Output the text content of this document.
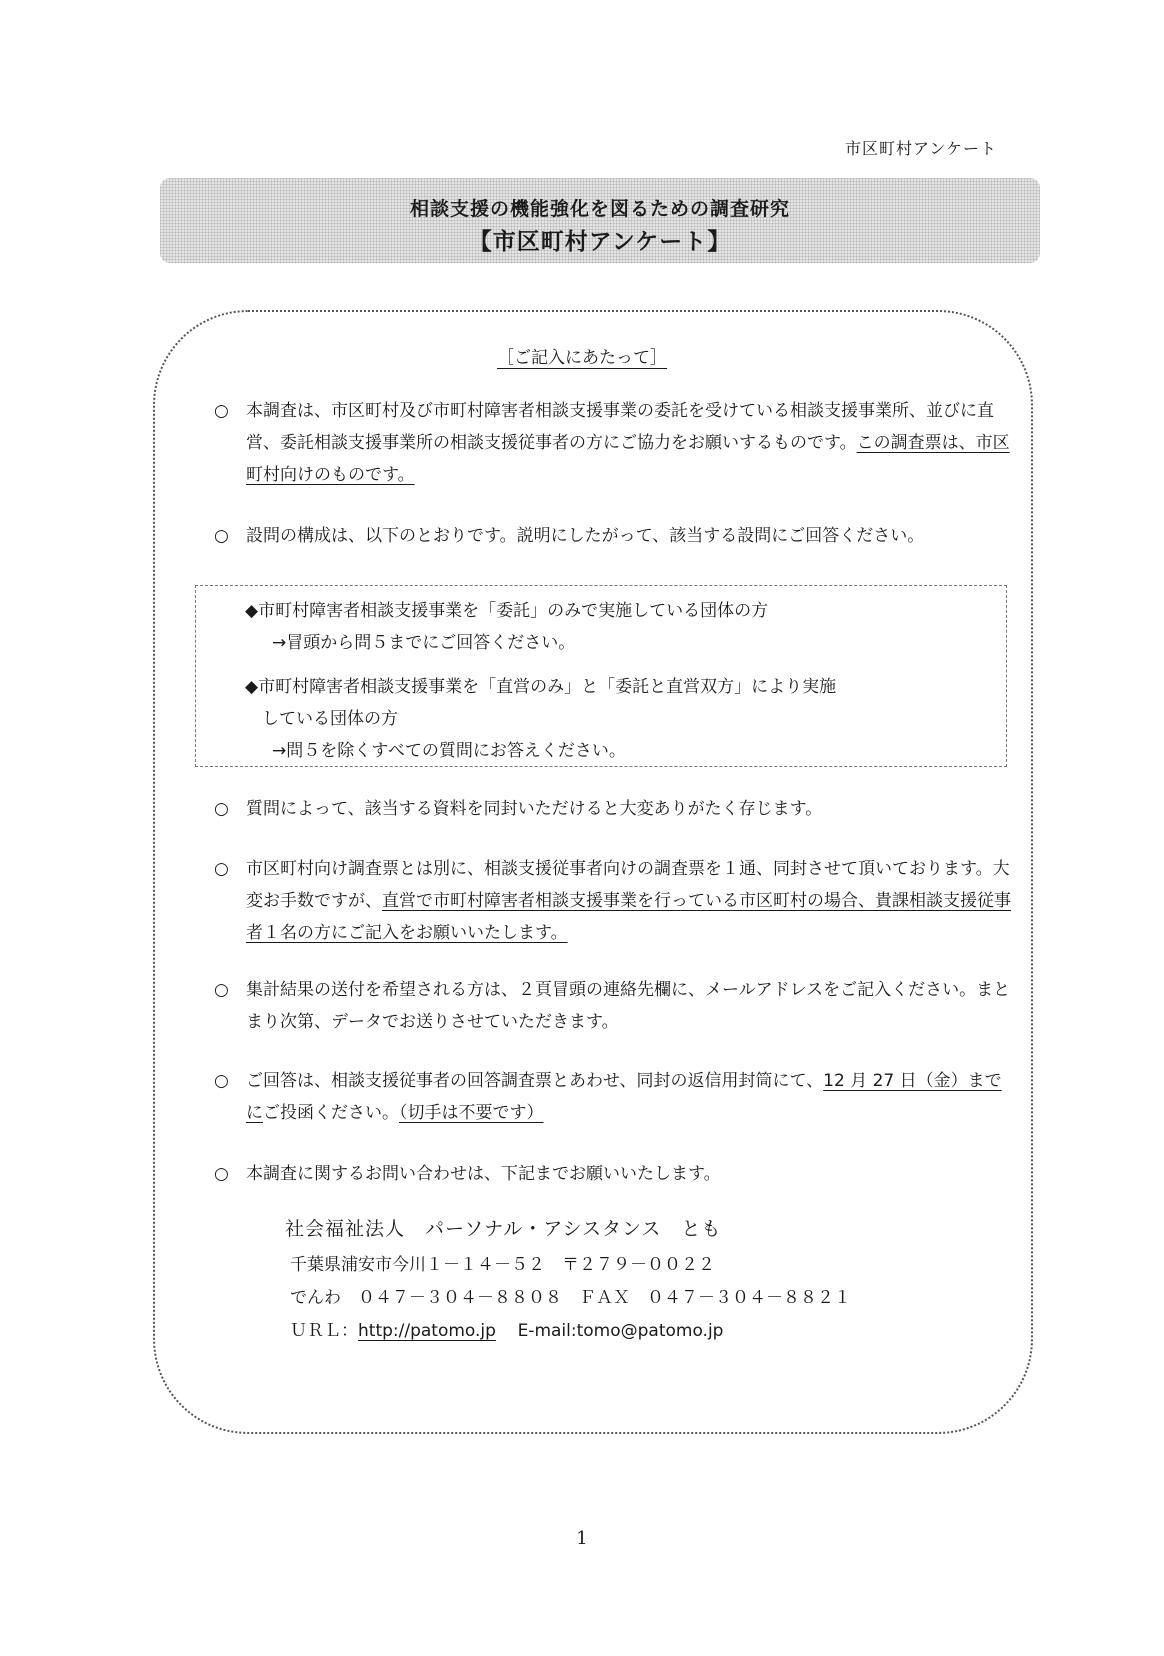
市区町村アンケート
相談支援の機能強化を図るための調査研究
【市区町村アンケート】
［ご記入にあたって］
○	本調査は、市区町村及び市町村障害者相談支援事業の委託を受けている相談支援事業所、並びに直営、委託相談支援事業所の相談支援従事者の方にご協力をお願いするものです。この調査票は、市区町村向けのものです。
○	設問の構成は、以下のとおりです。説明にしたがって、該当する設問にご回答ください。
◆市町村障害者相談支援事業を「委託」のみで実施している団体の方
→冒頭から問５までにご回答ください。
◆市町村障害者相談支援事業を「直営のみ」と「委託と直営双方」により実施
している団体の方
→問５を除くすべての質問にお答えください。
○	質問によって、該当する資料を同封いただけると大変ありがたく存じます。
○	市区町村向け調査票とは別に、相談支援従事者向けの調査票を１通、同封させて頂いております。大変お手数ですが、直営で市町村障害者相談支援事業を行っている市区町村の場合、貴課相談支援従事者１名の方にご記入をお願いいたします。
○	集計結果の送付を希望される方は、２頁冒頭の連絡先欄に、メールアドレスをご記入ください。まとまり次第、データでお送りさせていただきます。
○	ご回答は、相談支援従事者の回答調査票とあわせ、同封の返信用封筒にて、12 月 27 日（金）までにご投函ください。（切手は不要です）
○	本調査に関するお問い合わせは、下記までお願いいたします。
社会福祉法人　パーソナル・アシスタンス　とも
千葉県浦安市今川１－１４－５２　〒２７９－００２２
でんわ　０４７－３０４－８８０８　ＦＡＸ　０４７－３０４－８８２１
ＵＲＬ：http://patomo.jp E-mail:tomo@patomo.jp
1
